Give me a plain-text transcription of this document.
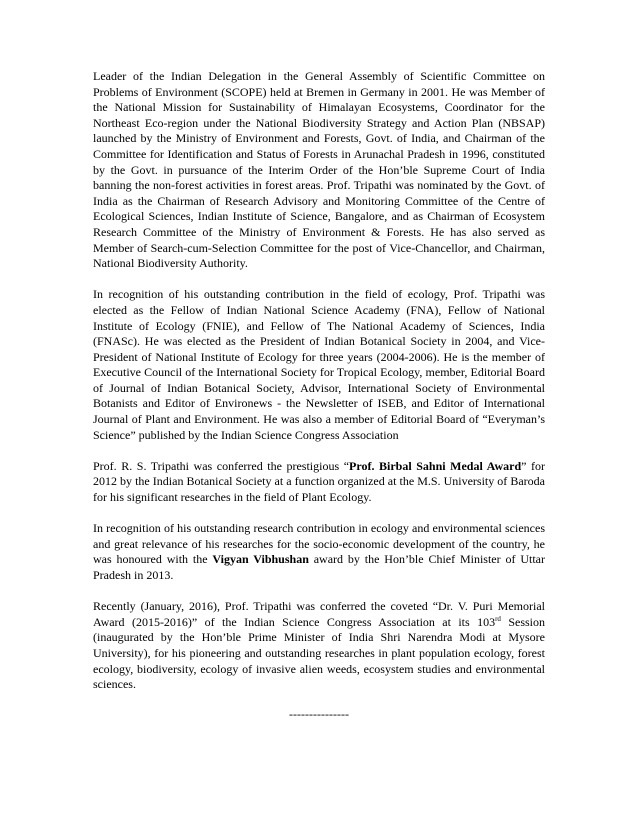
Leader of the Indian Delegation in the General Assembly of Scientific Committee on Problems of Environment (SCOPE) held at Bremen in Germany in 2001. He was Member of the National Mission for Sustainability of Himalayan Ecosystems, Coordinator for the Northeast Eco-region under the National Biodiversity Strategy and Action Plan (NBSAP) launched by the Ministry of Environment and Forests, Govt. of India, and Chairman of the Committee for Identification and Status of Forests in Arunachal Pradesh in 1996, constituted by the Govt. in pursuance of the Interim Order of the Hon’ble Supreme Court of India banning the non-forest activities in forest areas. Prof. Tripathi was nominated by the Govt. of India as the Chairman of Research Advisory and Monitoring Committee of the Centre of Ecological Sciences, Indian Institute of Science, Bangalore, and as Chairman of Ecosystem Research Committee of the Ministry of Environment & Forests. He has also served as Member of Search-cum-Selection Committee for the post of Vice-Chancellor, and Chairman, National Biodiversity Authority.

In recognition of his outstanding contribution in the field of ecology, Prof. Tripathi was elected as the Fellow of Indian National Science Academy (FNA), Fellow of National Institute of Ecology (FNIE), and Fellow of The National Academy of Sciences, India (FNASc). He was elected as the President of Indian Botanical Society in 2004, and Vice-President of National Institute of Ecology for three years (2004-2006). He is the member of Executive Council of the International Society for Tropical Ecology, member, Editorial Board of Journal of Indian Botanical Society, Advisor, International Society of Environmental Botanists and Editor of Environews - the Newsletter of ISEB, and Editor of International Journal of Plant and Environment. He was also a member of Editorial Board of “Everyman’s Science” published by the Indian Science Congress Association

Prof. R. S. Tripathi was conferred the prestigious “Prof. Birbal Sahni Medal Award” for 2012 by the Indian Botanical Society at a function organized at the M.S. University of Baroda for his significant researches in the field of Plant Ecology.

In recognition of his outstanding research contribution in ecology and environmental sciences and great relevance of his researches for the socio-economic development of the country, he was honoured with the Vigyan Vibhushan award by the Hon’ble Chief Minister of Uttar Pradesh in 2013.

Recently (January, 2016), Prof. Tripathi was conferred the coveted “Dr. V. Puri Memorial Award (2015-2016)” of the Indian Science Congress Association at its 103rd Session (inaugurated by the Hon’ble Prime Minister of India Shri Narendra Modi at Mysore University), for his pioneering and outstanding researches in plant population ecology, forest ecology, biodiversity, ecology of invasive alien weeds, ecosystem studies and environmental sciences.

---------------
